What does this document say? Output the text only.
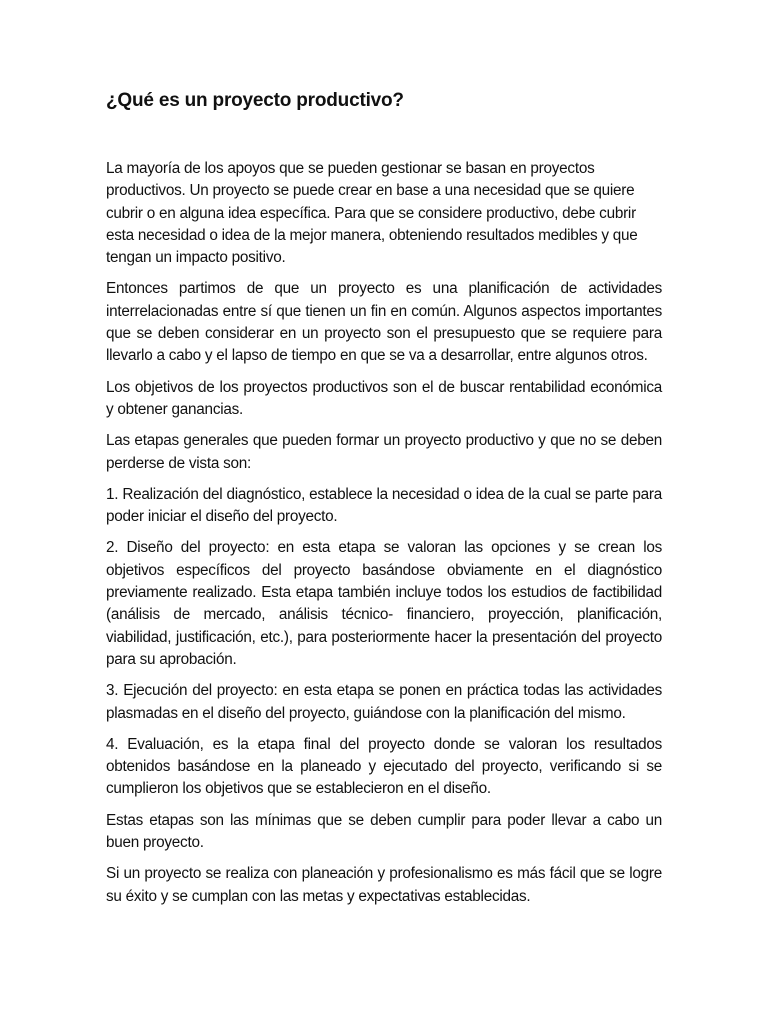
¿Qué es un proyecto productivo?

La mayoría de los apoyos que se pueden gestionar se basan en proyectos productivos. Un proyecto se puede crear en base a una necesidad que se quiere cubrir o en alguna idea específica. Para que se considere productivo, debe cubrir esta necesidad o idea de la mejor manera, obteniendo resultados medibles y que tengan un impacto positivo.

Entonces partimos de que un proyecto es una planificación de actividades interrelacionadas entre sí que tienen un fin en común. Algunos aspectos importantes que se deben considerar en un proyecto son el presupuesto que se requiere para llevarlo a cabo y el lapso de tiempo en que se va a desarrollar, entre algunos otros.

Los objetivos de los proyectos productivos son el de buscar rentabilidad económica y obtener ganancias.

Las etapas generales que pueden formar un proyecto productivo y que no se deben perderse de vista son:

1. Realización del diagnóstico, establece la necesidad o idea de la cual se parte para poder iniciar el diseño del proyecto.

2. Diseño del proyecto: en esta etapa se valoran las opciones y se crean los objetivos específicos del proyecto basándose obviamente en el diagnóstico previamente realizado. Esta etapa también incluye todos los estudios de factibilidad (análisis de mercado, análisis técnico- financiero, proyección, planificación, viabilidad, justificación, etc.), para posteriormente hacer la presentación del proyecto para su aprobación.

3. Ejecución del proyecto: en esta etapa se ponen en práctica todas las actividades plasmadas en el diseño del proyecto, guiándose con la planificación del mismo.

4. Evaluación, es la etapa final del proyecto donde se valoran los resultados obtenidos basándose en la planeado y ejecutado del proyecto, verificando si se cumplieron los objetivos que se establecieron en el diseño.

Estas etapas son las mínimas que se deben cumplir para poder llevar a cabo un buen proyecto.

Si un proyecto se realiza con planeación y profesionalismo es más fácil que se logre su éxito y se cumplan con las metas y expectativas establecidas.
